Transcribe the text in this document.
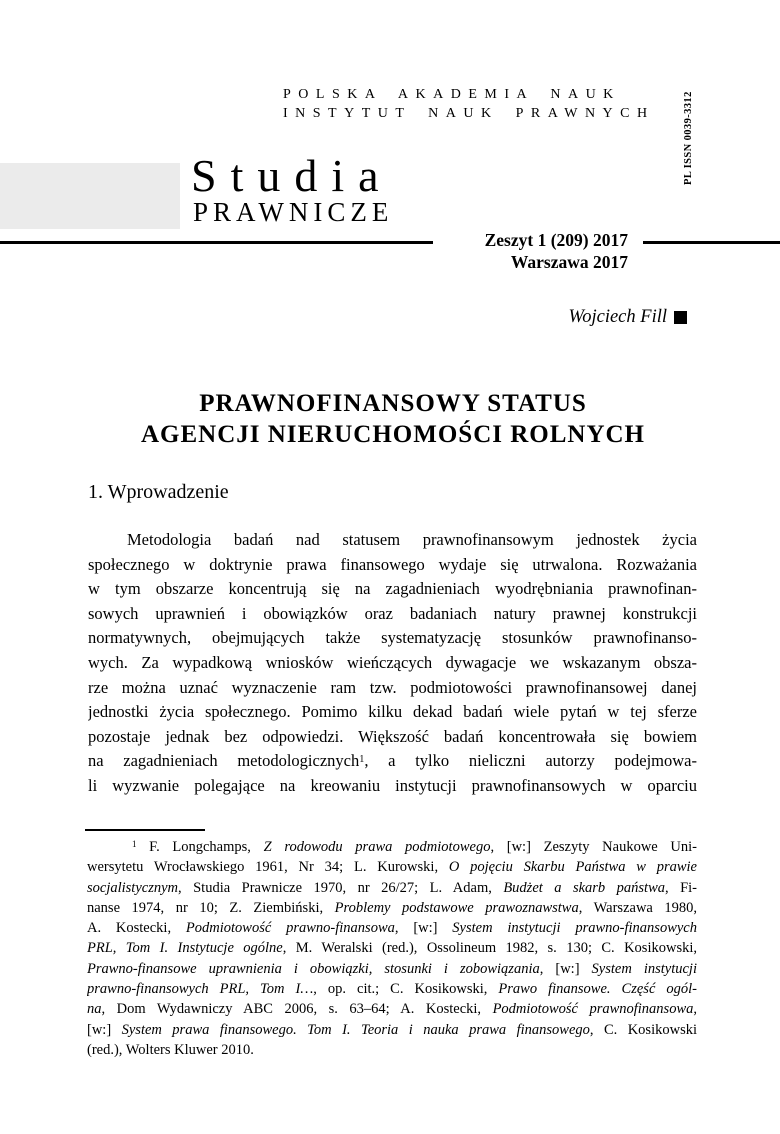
POLSKA AKADEMIA NAUK
INSTYTUT NAUK PRAWNYCH	PL ISSN 0039-3312
Studia
PRAWNICZE
Zeszyt 1 (209) 2017
Warszawa 2017
Wojciech Fill
PRAWNOFINANSOWY STATUS
AGENCJI NIERUCHOMOŚCI ROLNYCH
1. Wprowadzenie
Metodologia badań nad statusem prawnofinansowym jednostek życia
społecznego w doktrynie prawa finansowego wydaje się utrwalona. Rozważania
w tym obszarze koncentrują się na zagadnieniach wyodrębniania prawnofinan-
sowych uprawnień i obowiązków oraz badaniach natury prawnej konstrukcji
normatywnych, obejmujących także systematyzację stosunków prawnofinanso-
wych. Za wypadkową wniosków wieńczących dywagacje we wskazanym obsza-
rze można uznać wyznaczenie ram tzw. podmiotowości prawnofinansowej danej
jednostki życia społecznego. Pomimo kilku dekad badań wiele pytań w tej sferze
pozostaje jednak bez odpowiedzi. Większość badań koncentrowała się bowiem
na zagadnieniach metodologicznych$^1$, a tylko nieliczni autorzy podejmowa-
li wyzwanie polegające na kreowaniu instytucji prawnofinansowych w oparciu
$^1$ F. Longchamps, Z rodowodu prawa podmiotowego, [w:] Zeszyty Naukowe Uni-
wersytetu Wrocławskiego 1961, Nr 34; L. Kurowski, O pojęciu Skarbu Państwa w prawie
socjalistycznym, Studia Prawnicze 1970, nr 26/27; L. Adam, Budżet a skarb państwa, Fi-
nanse 1974, nr 10; Z. Ziembiński, Problemy podstawowe prawoznawstwa, Warszawa 1980,
A. Kostecki, Podmiotowość prawno-finansowa, [w:] System instytucji prawno-finansowych
PRL, Tom I. Instytucje ogólne, M. Weralski (red.), Ossolineum 1982, s. 130; C. Kosikowski,
Prawno-finansowe uprawnienia i obowiązki, stosunki i zobowiązania, [w:] System instytucji
prawno-finansowych PRL, Tom I…, op. cit.; C. Kosikowski, Prawo finansowe. Część ogól-
na, Dom Wydawniczy ABC 2006, s. 63–64; A. Kostecki, Podmiotowość prawnofinansowa,
[w:] System prawa finansowego. Tom I. Teoria i nauka prawa finansowego, C. Kosikowski
(red.), Wolters Kluwer 2010.
